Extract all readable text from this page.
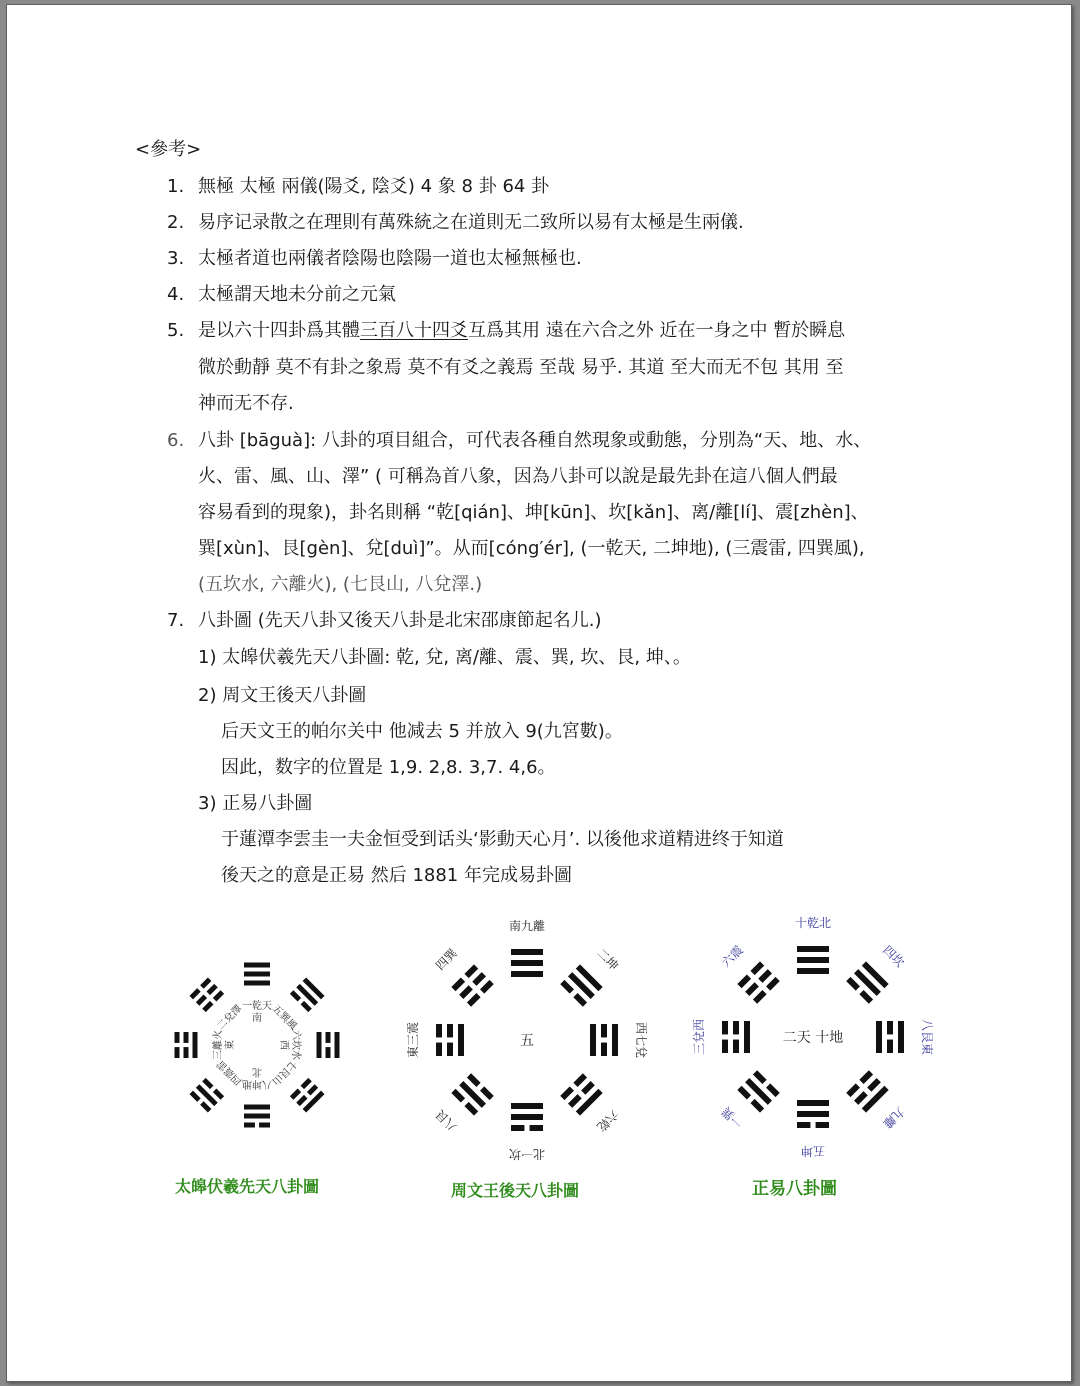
<參考>
1. 無極 太極 兩儀(陽爻, 陰爻) 4 象 8 卦 64 卦
2. 易序记录散之在理則有萬殊統之在道則无二致所以易有太極是生兩儀.
3. 太極者道也兩儀者陰陽也陰陽一道也太極無極也.
4. 太極謂天地未分前之元氣
5. 是以六十四卦爲其體三百八十四爻互爲其用 遠在六合之外 近在一身之中 暫於瞬息
微於動靜 莫不有卦之象焉 莫不有爻之義焉 至哉 易乎. 其道 至大而无不包 其用 至
神而无不存.
6. 八卦 [bāguà]: 八卦的項目組合，可代表各種自然現象或動態，分別為“天、地、水、
火、雷、風、山、澤” ( 可稱為首八象，因為八卦可以說是最先卦在這八個人們最
容易看到的現象)，卦名則稱 “乾[qián]、坤[kūn]、坎[kǎn]、离/離[lí]、震[zhèn]、
巽[xùn]、艮[gèn]、兌[duì]”。从而[cóng′ér], (一乾天, 二坤地), (三震雷, 四巽風),
(五坎水, 六離火), (七艮山, 八兌澤.)
7. 八卦圖 (先天八卦又後天八卦是北宋邵康節起名儿.)
1) 太皞伏羲先天八卦圖: 乾, 兌, 离/離、震、巽, 坎、艮, 坤、。
2) 周文王後天八卦圖
后天文王的帕尔关中 他减去 5 并放入 9(九宮數)。
因此，数字的位置是 1,9. 2,8. 3,7. 4,6。
3) 正易八卦圖
于蓮潭李雲圭一夫金恒受到话头‘影動天心月’. 以後他求道精进终于知道
後天之的意是正易 然后 1881 年完成易卦圖
一乾天
南 五巽風
六坎水
西
七艮山
八坤地
北
四震雷
三離火 東
二兌澤
南九離
二坤
西七兌
六乾
北一坎
八艮
東三震
四巽
五
十乾北
四坎
八艮東
九離
五坤
一巽
三兌西
六震
二天 十地
太皞伏羲先天八卦圖	周文王後天八卦圖	正易八卦圖
